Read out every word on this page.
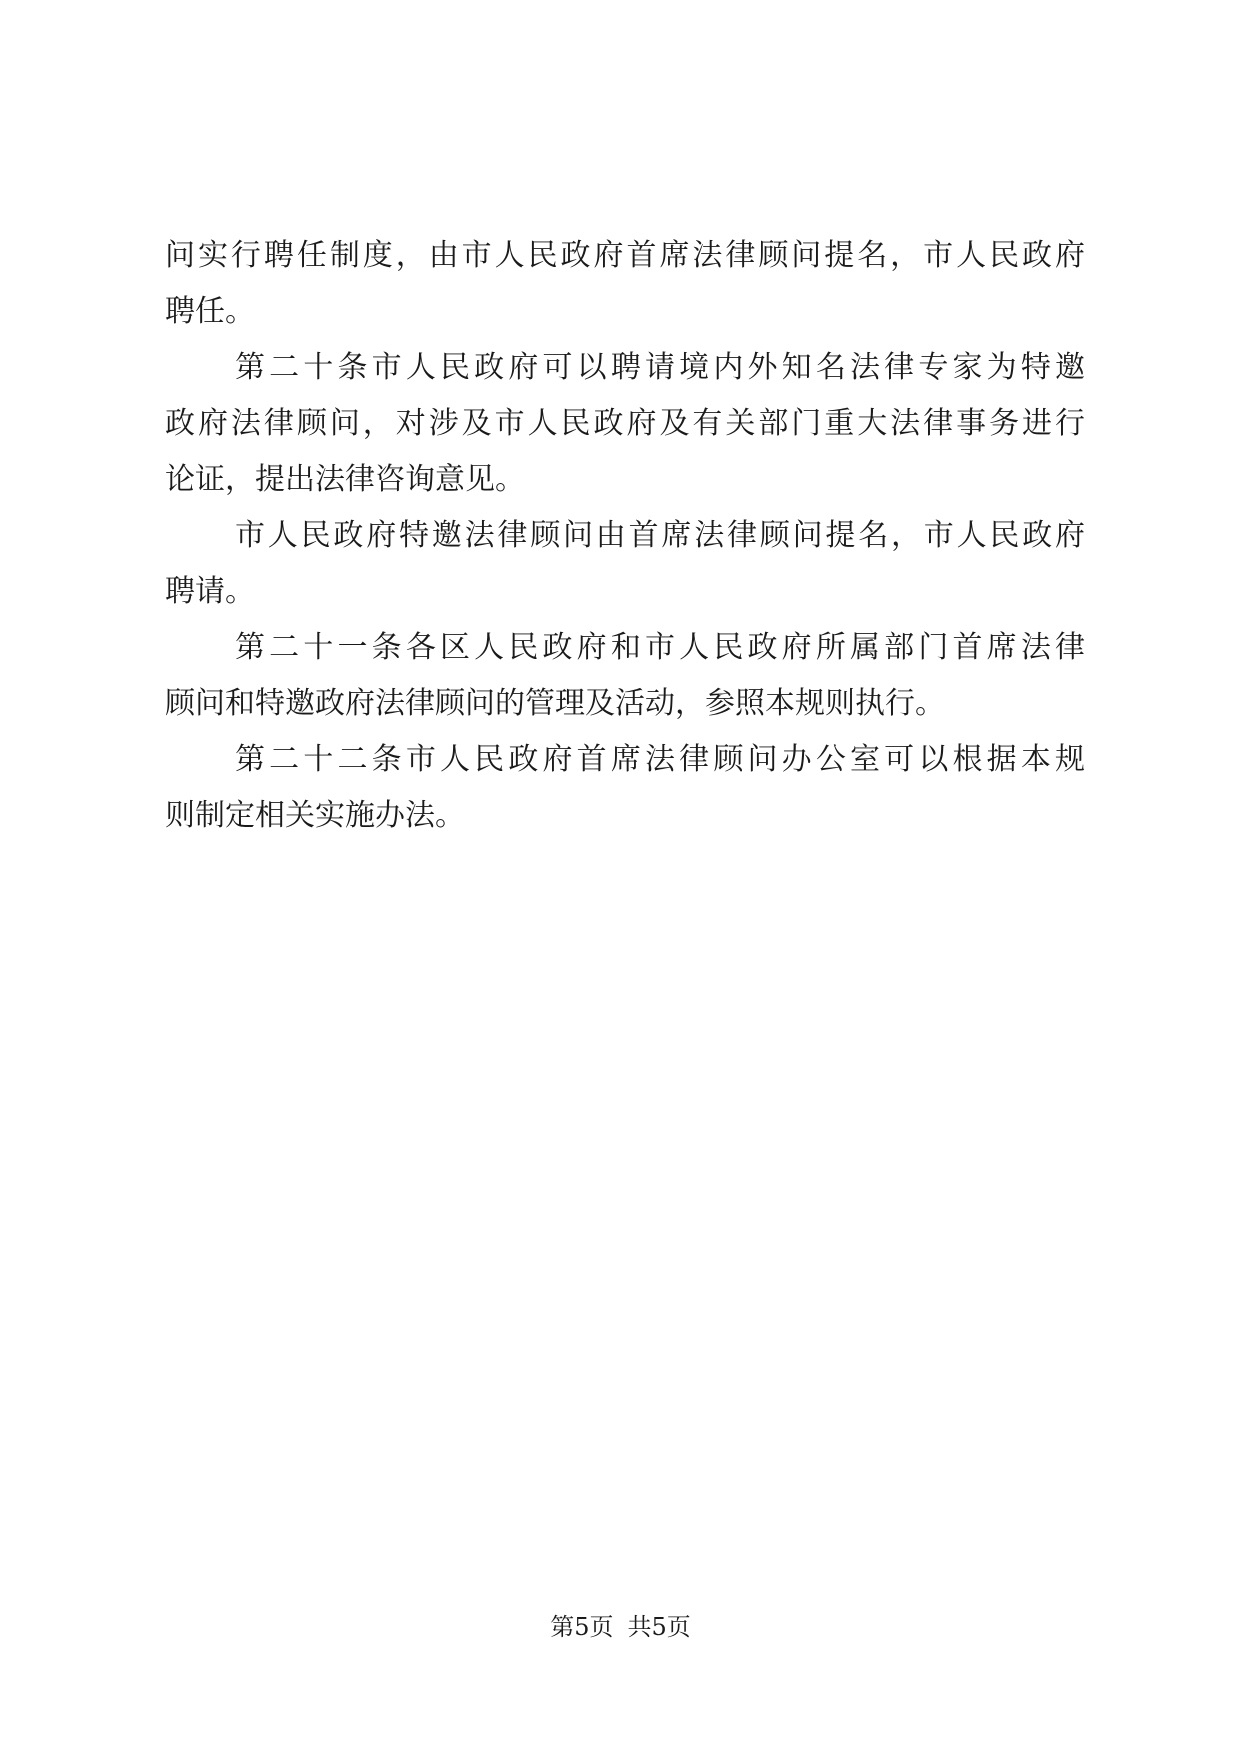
问实行聘任制度，由市人民政府首席法律顾问提名，市人民政府
聘任。
第二十条市人民政府可以聘请境内外知名法律专家为特邀
政府法律顾问，对涉及市人民政府及有关部门重大法律事务进行
论证，提出法律咨询意见。
市人民政府特邀法律顾问由首席法律顾问提名，市人民政府
聘请。
第二十一条各区人民政府和市人民政府所属部门首席法律
顾问和特邀政府法律顾问的管理及活动，参照本规则执行。
第二十二条市人民政府首席法律顾问办公室可以根据本规
则制定相关实施办法。
第5页 共5页
